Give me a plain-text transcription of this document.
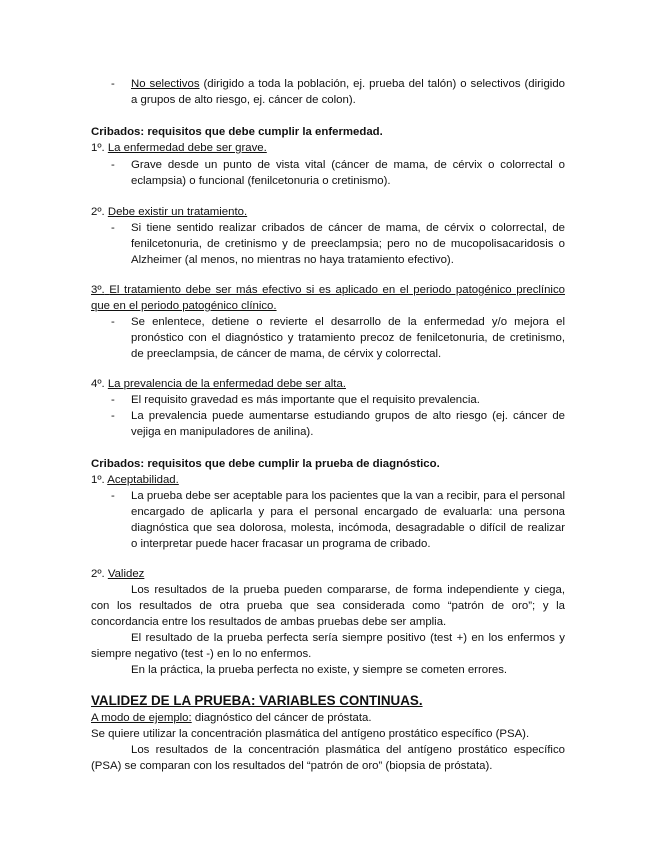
- No selectivos (dirigido a toda la población, ej. prueba del talón) o selectivos (dirigido
a grupos de alto riesgo, ej. cáncer de colon).
Cribados: requisitos que debe cumplir la enfermedad.
1º. La enfermedad debe ser grave.
- Grave desde un punto de vista vital (cáncer de mama, de cérvix o colorrectal o
eclampsia) o funcional (fenilcetonuria o cretinismo).
2º. Debe existir un tratamiento.
- Si tiene sentido realizar cribados de cáncer de mama, de cérvix o colorrectal, de
fenilcetonuria, de cretinismo y de preeclampsia; pero no de mucopolisacaridosis o
Alzheimer (al menos, no mientras no haya tratamiento efectivo).
3º. El tratamiento debe ser más efectivo si es aplicado en el periodo patogénico preclínico
que en el periodo patogénico clínico.
- Se enlentece, detiene o revierte el desarrollo de la enfermedad y/o mejora el
pronóstico con el diagnóstico y tratamiento precoz de fenilcetonuria, de cretinismo,
de preeclampsia, de cáncer de mama, de cérvix y colorrectal.
4º. La prevalencia de la enfermedad debe ser alta.
- El requisito gravedad es más importante que el requisito prevalencia.
- La prevalencia puede aumentarse estudiando grupos de alto riesgo (ej. cáncer de
vejiga en manipuladores de anilina).
Cribados: requisitos que debe cumplir la prueba de diagnóstico.
1º. Aceptabilidad.
- La prueba debe ser aceptable para los pacientes que la van a recibir, para el personal
encargado de aplicarla y para el personal encargado de evaluarla: una persona
diagnóstica que sea dolorosa, molesta, incómoda, desagradable o difícil de realizar
o interpretar puede hacer fracasar un programa de cribado.
2º. Validez
Los resultados de la prueba pueden compararse, de forma independiente y ciega,
con los resultados de otra prueba que sea considerada como “patrón de oro”; y la
concordancia entre los resultados de ambas pruebas debe ser amplia.
El resultado de la prueba perfecta sería siempre positivo (test +) en los enfermos y
siempre negativo (test -) en lo no enfermos.
En la práctica, la prueba perfecta no existe, y siempre se cometen errores.
VALIDEZ DE LA PRUEBA: VARIABLES CONTINUAS.
A modo de ejemplo: diagnóstico del cáncer de próstata.
Se quiere utilizar la concentración plasmática del antígeno prostático específico (PSA).
Los resultados de la concentración plasmática del antígeno prostático específico
(PSA) se comparan con los resultados del “patrón de oro” (biopsia de próstata).
